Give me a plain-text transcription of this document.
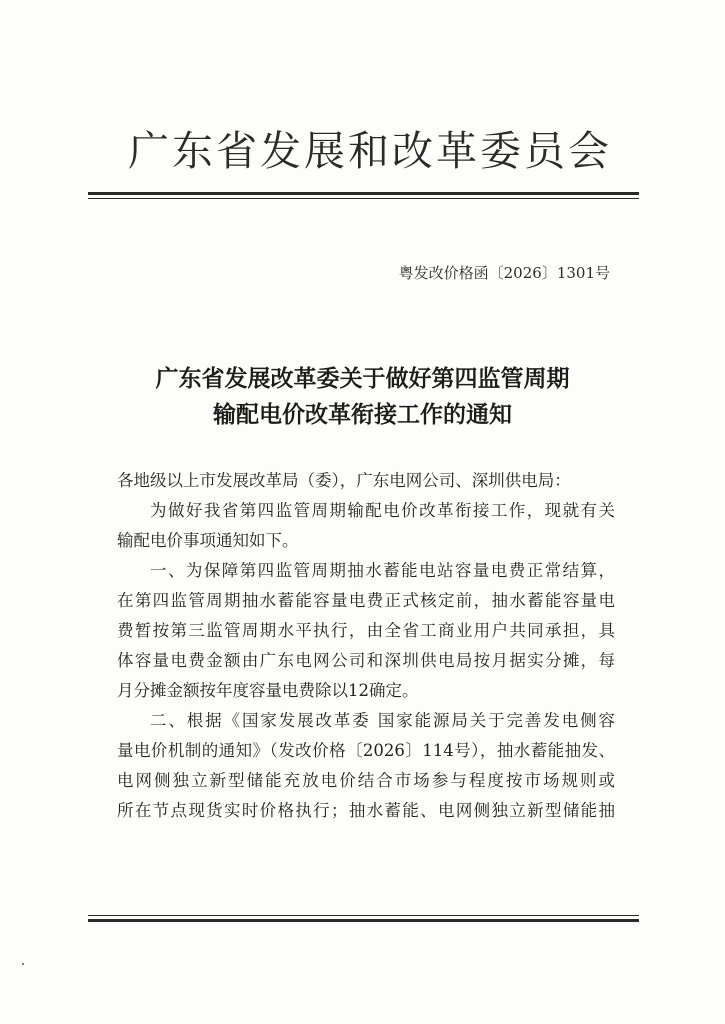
广东省发展和改革委员会
粤发改价格函〔2026〕1301号
广东省发展改革委关于做好第四监管周期
输配电价改革衔接工作的通知
各地级以上市发展改革局（委），广东电网公司、深圳供电局：
为做好我省第四监管周期输配电价改革衔接工作，现就有关
输配电价事项通知如下。
一、为保障第四监管周期抽水蓄能电站容量电费正常结算，
在第四监管周期抽水蓄能容量电费正式核定前，抽水蓄能容量电
费暂按第三监管周期水平执行，由全省工商业用户共同承担，具
体容量电费金额由广东电网公司和深圳供电局按月据实分摊，每
月分摊金额按年度容量电费除以12确定。
二、根据《国家发展改革委 国家能源局关于完善发电侧容
量电价机制的通知》（发改价格〔2026〕114号），抽水蓄能抽发、
电网侧独立新型储能充放电价结合市场参与程度按市场规则或
所在节点现货实时价格执行；抽水蓄能、电网侧独立新型储能抽
